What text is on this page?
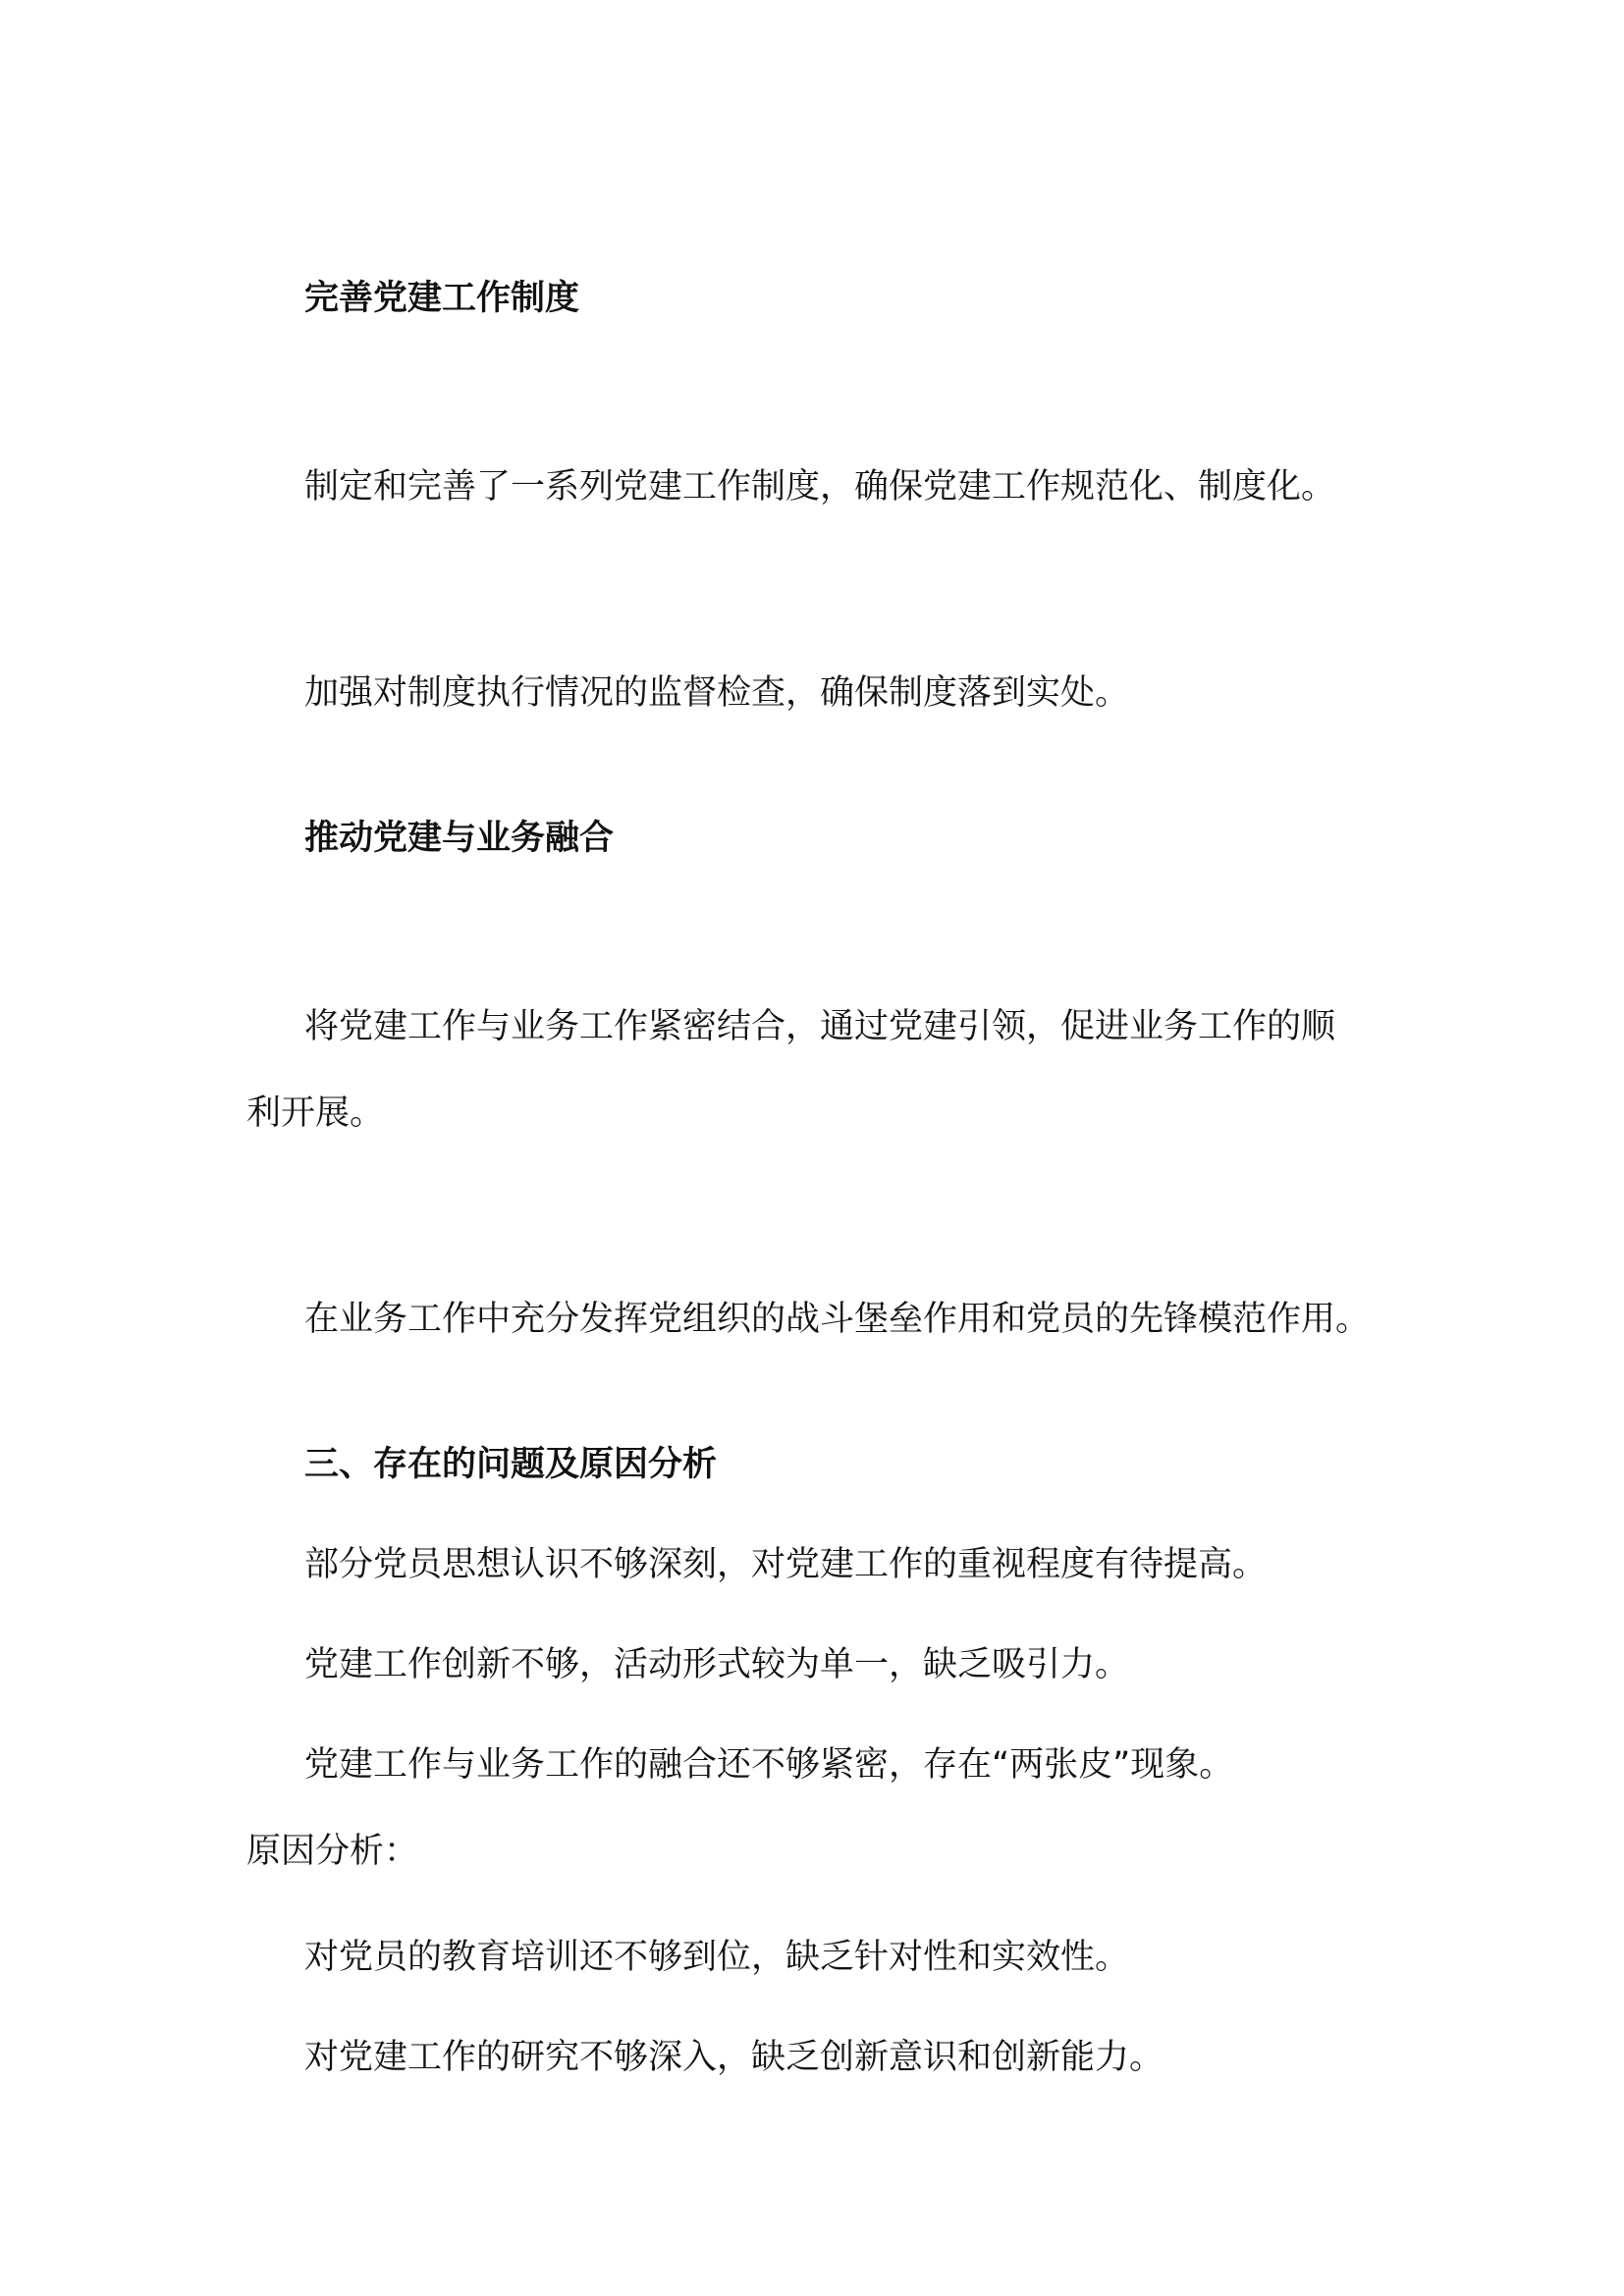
完善党建工作制度

制定和完善了一系列党建工作制度，确保党建工作规范化、制度化。

加强对制度执行情况的监督检查，确保制度落到实处。

推动党建与业务融合

将党建工作与业务工作紧密结合，通过党建引领，促进业务工作的顺

利开展。

在业务工作中充分发挥党组织的战斗堡垒作用和党员的先锋模范作用。

三、存在的问题及原因分析

部分党员思想认识不够深刻，对党建工作的重视程度有待提高。

党建工作创新不够，活动形式较为单一，缺乏吸引力。

党建工作与业务工作的融合还不够紧密，存在“两张皮”现象。

原因分析：

对党员的教育培训还不够到位，缺乏针对性和实效性。

对党建工作的研究不够深入，缺乏创新意识和创新能力。
